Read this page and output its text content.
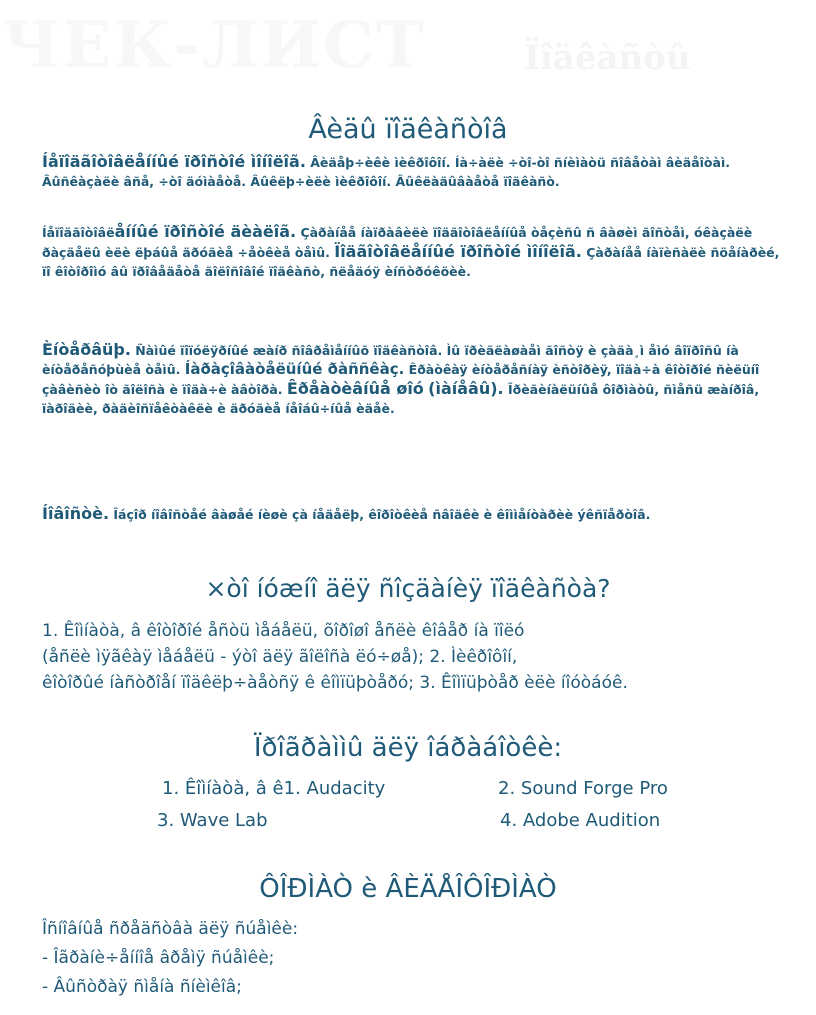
ЧЕК-ЛИСТ	Ïîäêàñòû
Âèäû ïîäêàñòîâ
Íåïîäãîòîâëåííûé ïðîñòîé ìîíîëîã. Âèäåþ÷èêè ìèêðîôîí. Íà÷àëè ÷òî-òî ñíèìàòü ñîâåòàì âèäåîòàì. Âûñêàçàëè âñå, ÷òî äóìàåòå. Âûêëþ÷èëè ìèêðîôîí. Âûêëàäûâàåòå ïîäêàñò.
Íåïîäãîòîâëåííûé ïðîñòîé äèàëîã. Çàðàíåå íàïðàâèëè ïîäãîòîâëåííûå òåçèñû ñ âàøèì ãîñòåì, óêàçàëè ðàçäåëû èëè ëþáûå äðóãèå ÷åòêèå òåìû. Ïîäãîòîâëåííûé ïðîñòîé ìîíîëîã. Çàðàíåå íàïèñàëè ñöåíàðèé, ïî êîòîðîìó âû ïðîâåäåòå ãîëîñîâîé ïîäêàñò, ñëåäóÿ èíñòðóêöèè.
Èíòåðâüþ. Ñàìûé ïîïóëÿðíûé æàíð ñîâðåìåííûõ ïîäêàñòîâ. Ìû ïðèãëàøàåì ãîñòÿ è çàäà¸ì åìó âîïðîñû íà èíòåðåñóþùèå òåìû. Íàðàçîâàòåëüíûé ðàññêàç. Êðàòêàÿ èíòåðåñíàÿ èñòîðèÿ, ïîäà÷à êîòîðîé ñèëüíî çàâèñèò îò ãîëîñà è ïîäà÷è àâòîðà. Êðåàòèâíûå øîó (ìàíåâû). Îðèãèíàëüíûå ôîðìàòû, ñìåñü æàíðîâ, ïàðîäèè, ðàäèîñïåêòàêëè è äðóãèå íåîáû÷íûå èäåè.
Íîâîñòè. Îáçîð íîâîñòåé âàøåé íèøè çà íåäåëþ, êîðîòêèå ñâîäêè è êîììåíòàðèè ýêñïåðòîâ.
×òî íóæíî äëÿ ñîçäàíèÿ ïîäêàñòà?
1. Êîìíàòà, â êîòîðîé åñòü ìåáåëü, õîðîøî åñëè êîâåð íà ïîëó
(åñëè ìÿãêàÿ ìåáåëü - ýòî äëÿ ãîëîñà ëó÷øå); 2. Ìèêðîôîí,
êîòîðûé íàñòðîåí ïîäêëþ÷àåòñÿ ê êîìïüþòåðó; 3. Êîìïüþòåð èëè íîóòáóê.
Ïðîãðàììû äëÿ îáðàáîòêè:
1. Êîìíàòà, â ê1. Audacity	2. Sound Forge Pro
3. Wave Lab	4. Adobe Audition
ÔÎÐÌÀÒ è ÂÈÄÅÎÔÎÐÌÀÒ
Îñíîâíûå ñðåäñòâà äëÿ ñúåìêè:
- Îãðàíè÷åííîå âðåìÿ ñúåìêè;
- Âûñòðàÿ ñìåíà ñíèìêîâ;
